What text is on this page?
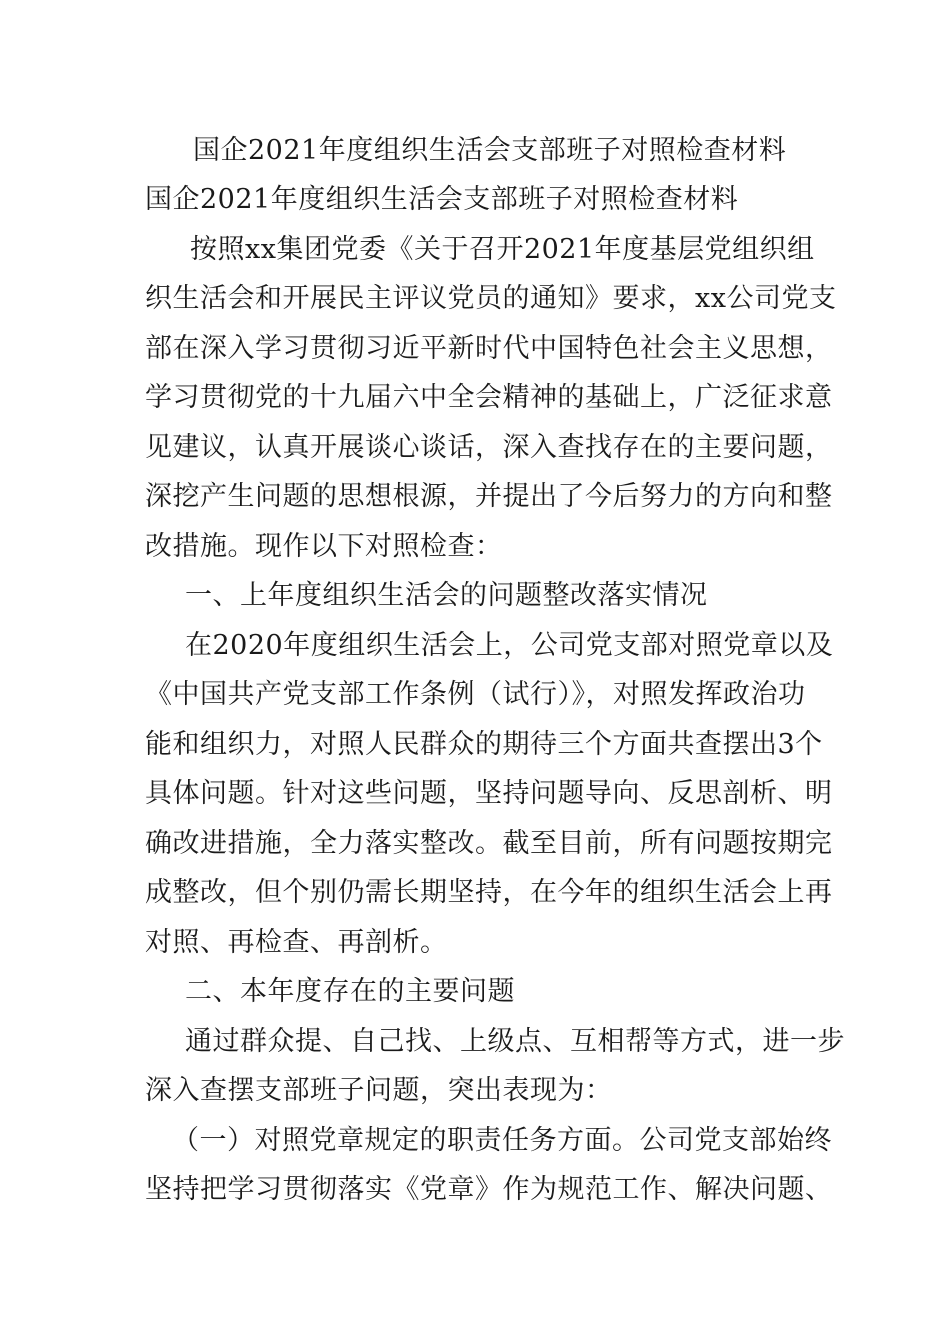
国企2021年度组织生活会支部班子对照检查材料
国企2021年度组织生活会支部班子对照检查材料
按照xx集团党委《关于召开2021年度基层党组织组
织生活会和开展民主评议党员的通知》要求，xx公司党支
部在深入学习贯彻习近平新时代中国特色社会主义思想，
学习贯彻党的十九届六中全会精神的基础上，广泛征求意
见建议，认真开展谈心谈话，深入查找存在的主要问题，
深挖产生问题的思想根源，并提出了今后努力的方向和整
改措施。现作以下对照检查：
一、上年度组织生活会的问题整改落实情况
在2020年度组织生活会上，公司党支部对照党章以及
《中国共产党支部工作条例（试行）》，对照发挥政治功
能和组织力，对照人民群众的期待三个方面共查摆出3个
具体问题。针对这些问题，坚持问题导向、反思剖析、明
确改进措施，全力落实整改。截至目前，所有问题按期完
成整改，但个别仍需长期坚持，在今年的组织生活会上再
对照、再检查、再剖析。
二、本年度存在的主要问题
通过群众提、自己找、上级点、互相帮等方式，进一步
深入查摆支部班子问题，突出表现为：
（一）对照党章规定的职责任务方面。公司党支部始终
坚持把学习贯彻落实《党章》作为规范工作、解决问题、
